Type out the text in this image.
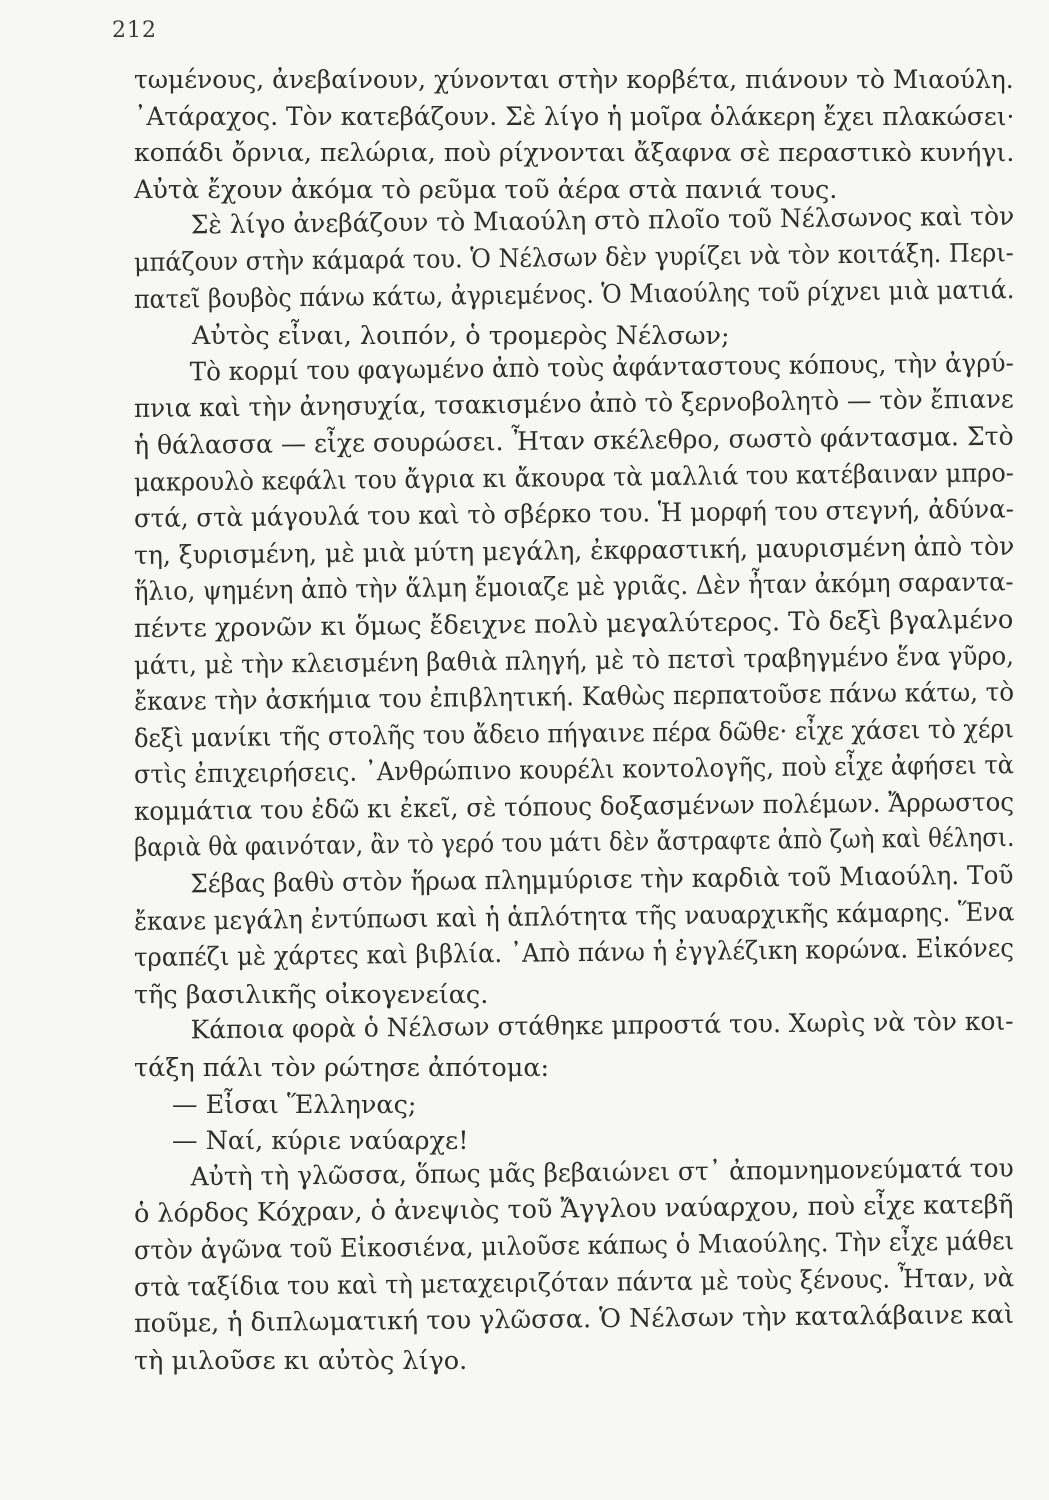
212
τωμένους, ἀνεβαίνουν, χύνονται στὴν κορβέτα, πιάνουν τὸ Μιαούλη.
᾿Ατάραχος. Τὸν κατεβάζουν. Σὲ λίγο ἡ μοῖρα ὁλάκερη ἔχει πλακώσει·
κοπάδι ὄρνια, πελώρια, ποὺ ρίχνονται ἄξαφνα σὲ περαστικὸ κυνήγι.
Αὐτὰ ἔχουν ἀκόμα τὸ ρεῦμα τοῦ ἀέρα στὰ πανιά τους.
Σὲ λίγο ἀνεβάζουν τὸ Μιαούλη στὸ πλοῖο τοῦ Νέλσωνος καὶ τὸν
μπάζουν στὴν κάμαρά του. Ὁ Νέλσων δὲν γυρίζει νὰ τὸν κοιτάξη. Περι-
πατεῖ βουβὸς πάνω κάτω, ἀγριεμένος. Ὁ Μιαούλης τοῦ ρίχνει μιὰ ματιά.
Αὐτὸς εἶναι, λοιπόν, ὁ τρομερὸς Νέλσων;
Τὸ κορμί του φαγωμένο ἀπὸ τοὺς ἀφάνταστους κόπους, τὴν ἀγρύ-
πνια καὶ τὴν ἀνησυχία, τσακισμένο ἀπὸ τὸ ξερνοβολητὸ — τὸν ἔπιανε
ἡ θάλασσα — εἶχε σουρώσει. Ἦταν σκέλεθρο, σωστὸ φάντασμα. Στὸ
μακρουλὸ κεφάλι του ἄγρια κι ἄκουρα τὰ μαλλιά του κατέβαιναν μπρο-
στά, στὰ μάγουλά του καὶ τὸ σβέρκο του. Ἡ μορφή του στεγνή, ἀδύνα-
τη, ξυρισμένη, μὲ μιὰ μύτη μεγάλη, ἐκφραστική, μαυρισμένη ἀπὸ τὸν
ἥλιο, ψημένη ἀπὸ τὴν ἅλμη ἔμοιαζε μὲ γριᾶς. Δὲν ἦταν ἀκόμη σαραντα-
πέντε χρονῶν κι ὅμως ἔδειχνε πολὺ μεγαλύτερος. Τὸ δεξὶ βγαλμένο
μάτι, μὲ τὴν κλεισμένη βαθιὰ πληγή, μὲ τὸ πετσὶ τραβηγμένο ἕνα γῦρο,
ἔκανε τὴν ἀσκήμια του ἐπιβλητική. Καθὼς περπατοῦσε πάνω κάτω, τὸ
δεξὶ μανίκι τῆς στολῆς του ἄδειο πήγαινε πέρα δῶθε· εἶχε χάσει τὸ χέρι
στὶς ἐπιχειρήσεις. ᾿Ανθρώπινο κουρέλι κοντολογῆς, ποὺ εἶχε ἀφήσει τὰ
κομμάτια του ἐδῶ κι ἐκεῖ, σὲ τόπους δοξασμένων πολέμων. Ἄρρωστος
βαριὰ θὰ φαινόταν, ἂν τὸ γερό του μάτι δὲν ἄστραφτε ἀπὸ ζωὴ καὶ θέλησι.
Σέβας βαθὺ στὸν ἥρωα πλημμύρισε τὴν καρδιὰ τοῦ Μιαούλη. Τοῦ
ἔκανε μεγάλη ἐντύπωσι καὶ ἡ ἁπλότητα τῆς ναυαρχικῆς κάμαρης. Ἕνα
τραπέζι μὲ χάρτες καὶ βιβλία. ᾿Απὸ πάνω ἡ ἐγγλέζικη κορώνα. Εἰκόνες
τῆς βασιλικῆς οἰκογενείας.
Κάποια φορὰ ὁ Νέλσων στάθηκε μπροστά του. Χωρὶς νὰ τὸν κοι-
τάξη πάλι τὸν ρώτησε ἀπότομα:
— Εἶσαι Ἕλληνας;
— Ναί, κύριε ναύαρχε!
Αὐτὴ τὴ γλῶσσα, ὅπως μᾶς βεβαιώνει στ᾿ ἀπομνημονεύματά του
ὁ λόρδος Κόχραν, ὁ ἀνεψιὸς τοῦ Ἄγγλου ναύαρχου, ποὺ εἶχε κατεβῆ
στὸν ἀγῶνα τοῦ Εἰκοσιένα, μιλοῦσε κάπως ὁ Μιαούλης. Τὴν εἶχε μάθει
στὰ ταξίδια του καὶ τὴ μεταχειριζόταν πάντα μὲ τοὺς ξένους. Ἦταν, νὰ
ποῦμε, ἡ διπλωματική του γλῶσσα. Ὁ Νέλσων τὴν καταλάβαινε καὶ
τὴ μιλοῦσε κι αὐτὸς λίγο.
